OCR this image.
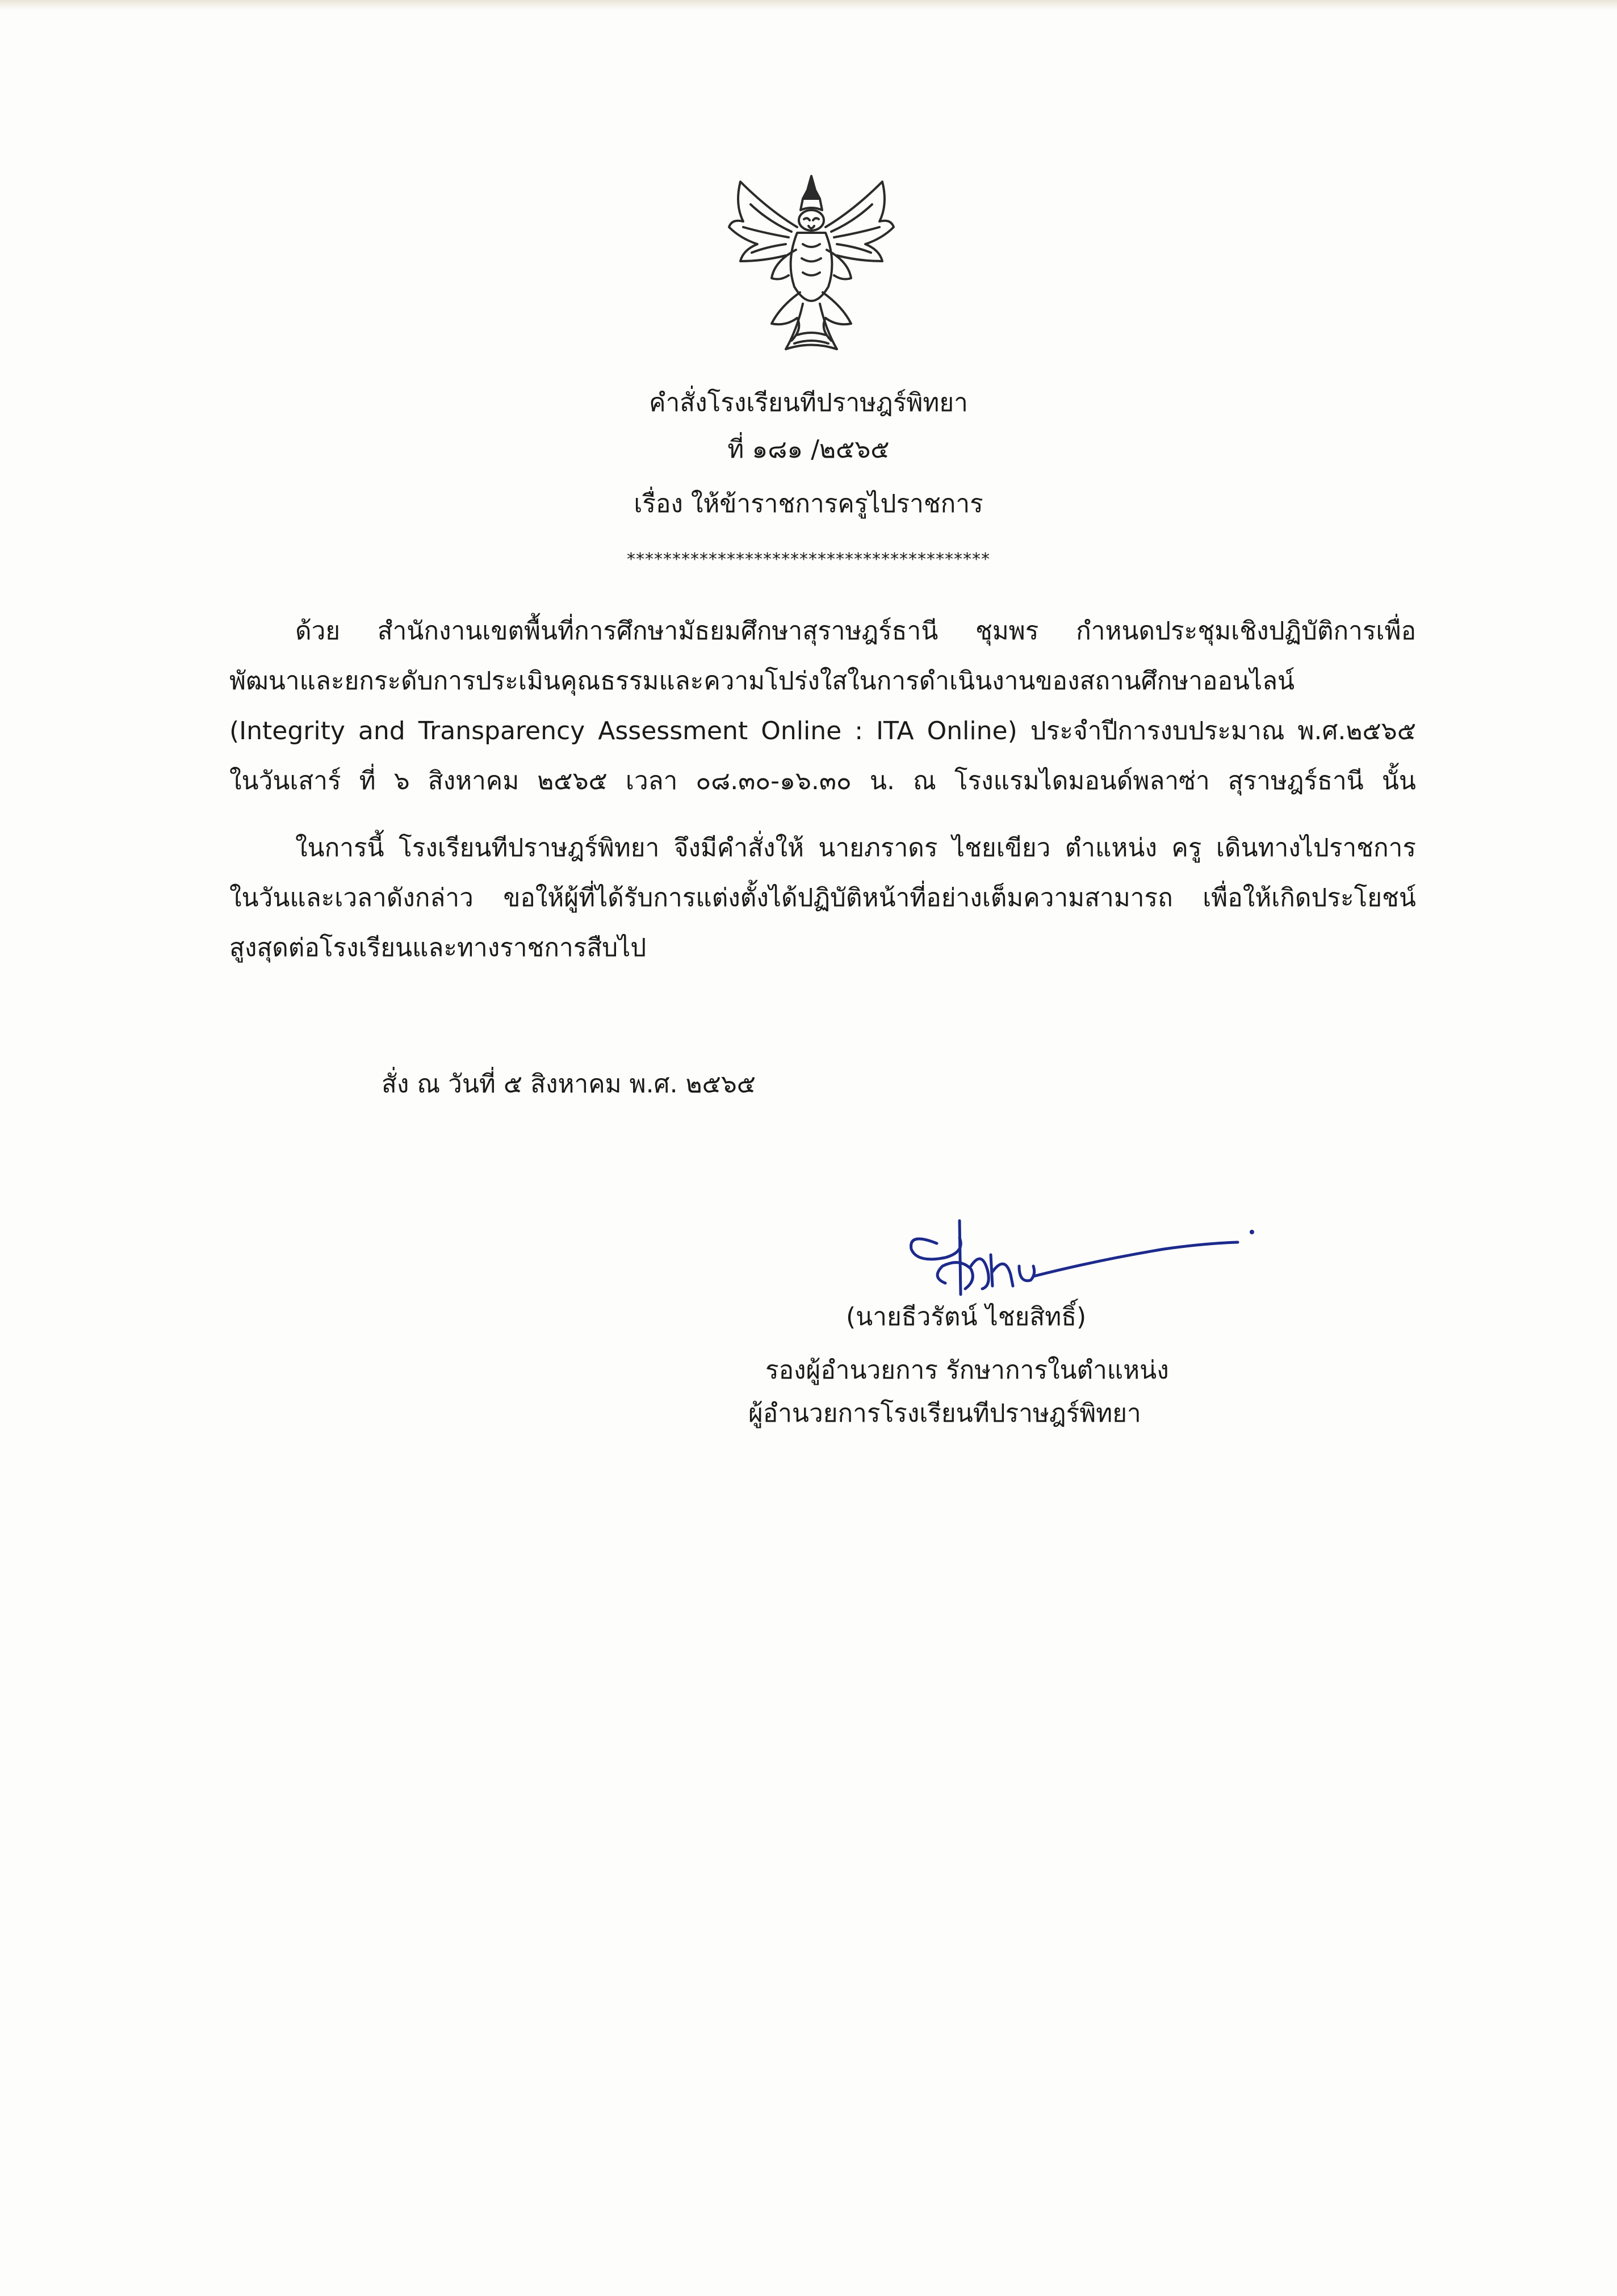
คำสั่งโรงเรียนทีปราษฎร์พิทยา
ที่ ๑๘๑ /๒๕๖๕
เรื่อง ให้ข้าราชการครูไปราชการ
****************************************
ด้วย สำนักงานเขตพื้นที่การศึกษามัธยมศึกษาสุราษฎร์ธานี ชุมพร กำหนดประชุมเชิงปฏิบัติการเพื่อ
พัฒนาและยกระดับการประเมินคุณธรรมและความโปร่งใสในการดำเนินงานของสถานศึกษาออนไลน์
(Integrity and Transparency Assessment Online : ITA Online) ประจำปีการงบประมาณ พ.ศ.๒๕๖๕
ในวันเสาร์ ที่ ๖ สิงหาคม ๒๕๖๕ เวลา ๐๘.๓๐-๑๖.๓๐ น. ณ โรงแรมไดมอนด์พลาซ่า สุราษฎร์ธานี นั้น
ในการนี้ โรงเรียนทีปราษฎร์พิทยา จึงมีคำสั่งให้ นายภราดร ไชยเขียว ตำแหน่ง ครู เดินทางไปราชการ
ในวันและเวลาดังกล่าว ขอให้ผู้ที่ได้รับการแต่งตั้งได้ปฏิบัติหน้าที่อย่างเต็มความสามารถ เพื่อให้เกิดประโยชน์
สูงสุดต่อโรงเรียนและทางราชการสืบไป
สั่ง ณ วันที่ ๕ สิงหาคม พ.ศ. ๒๕๖๕
(นายธีวรัตน์ ไชยสิทธิ์)
รองผู้อำนวยการ รักษาการในตำแหน่ง
ผู้อำนวยการโรงเรียนทีปราษฎร์พิทยา
